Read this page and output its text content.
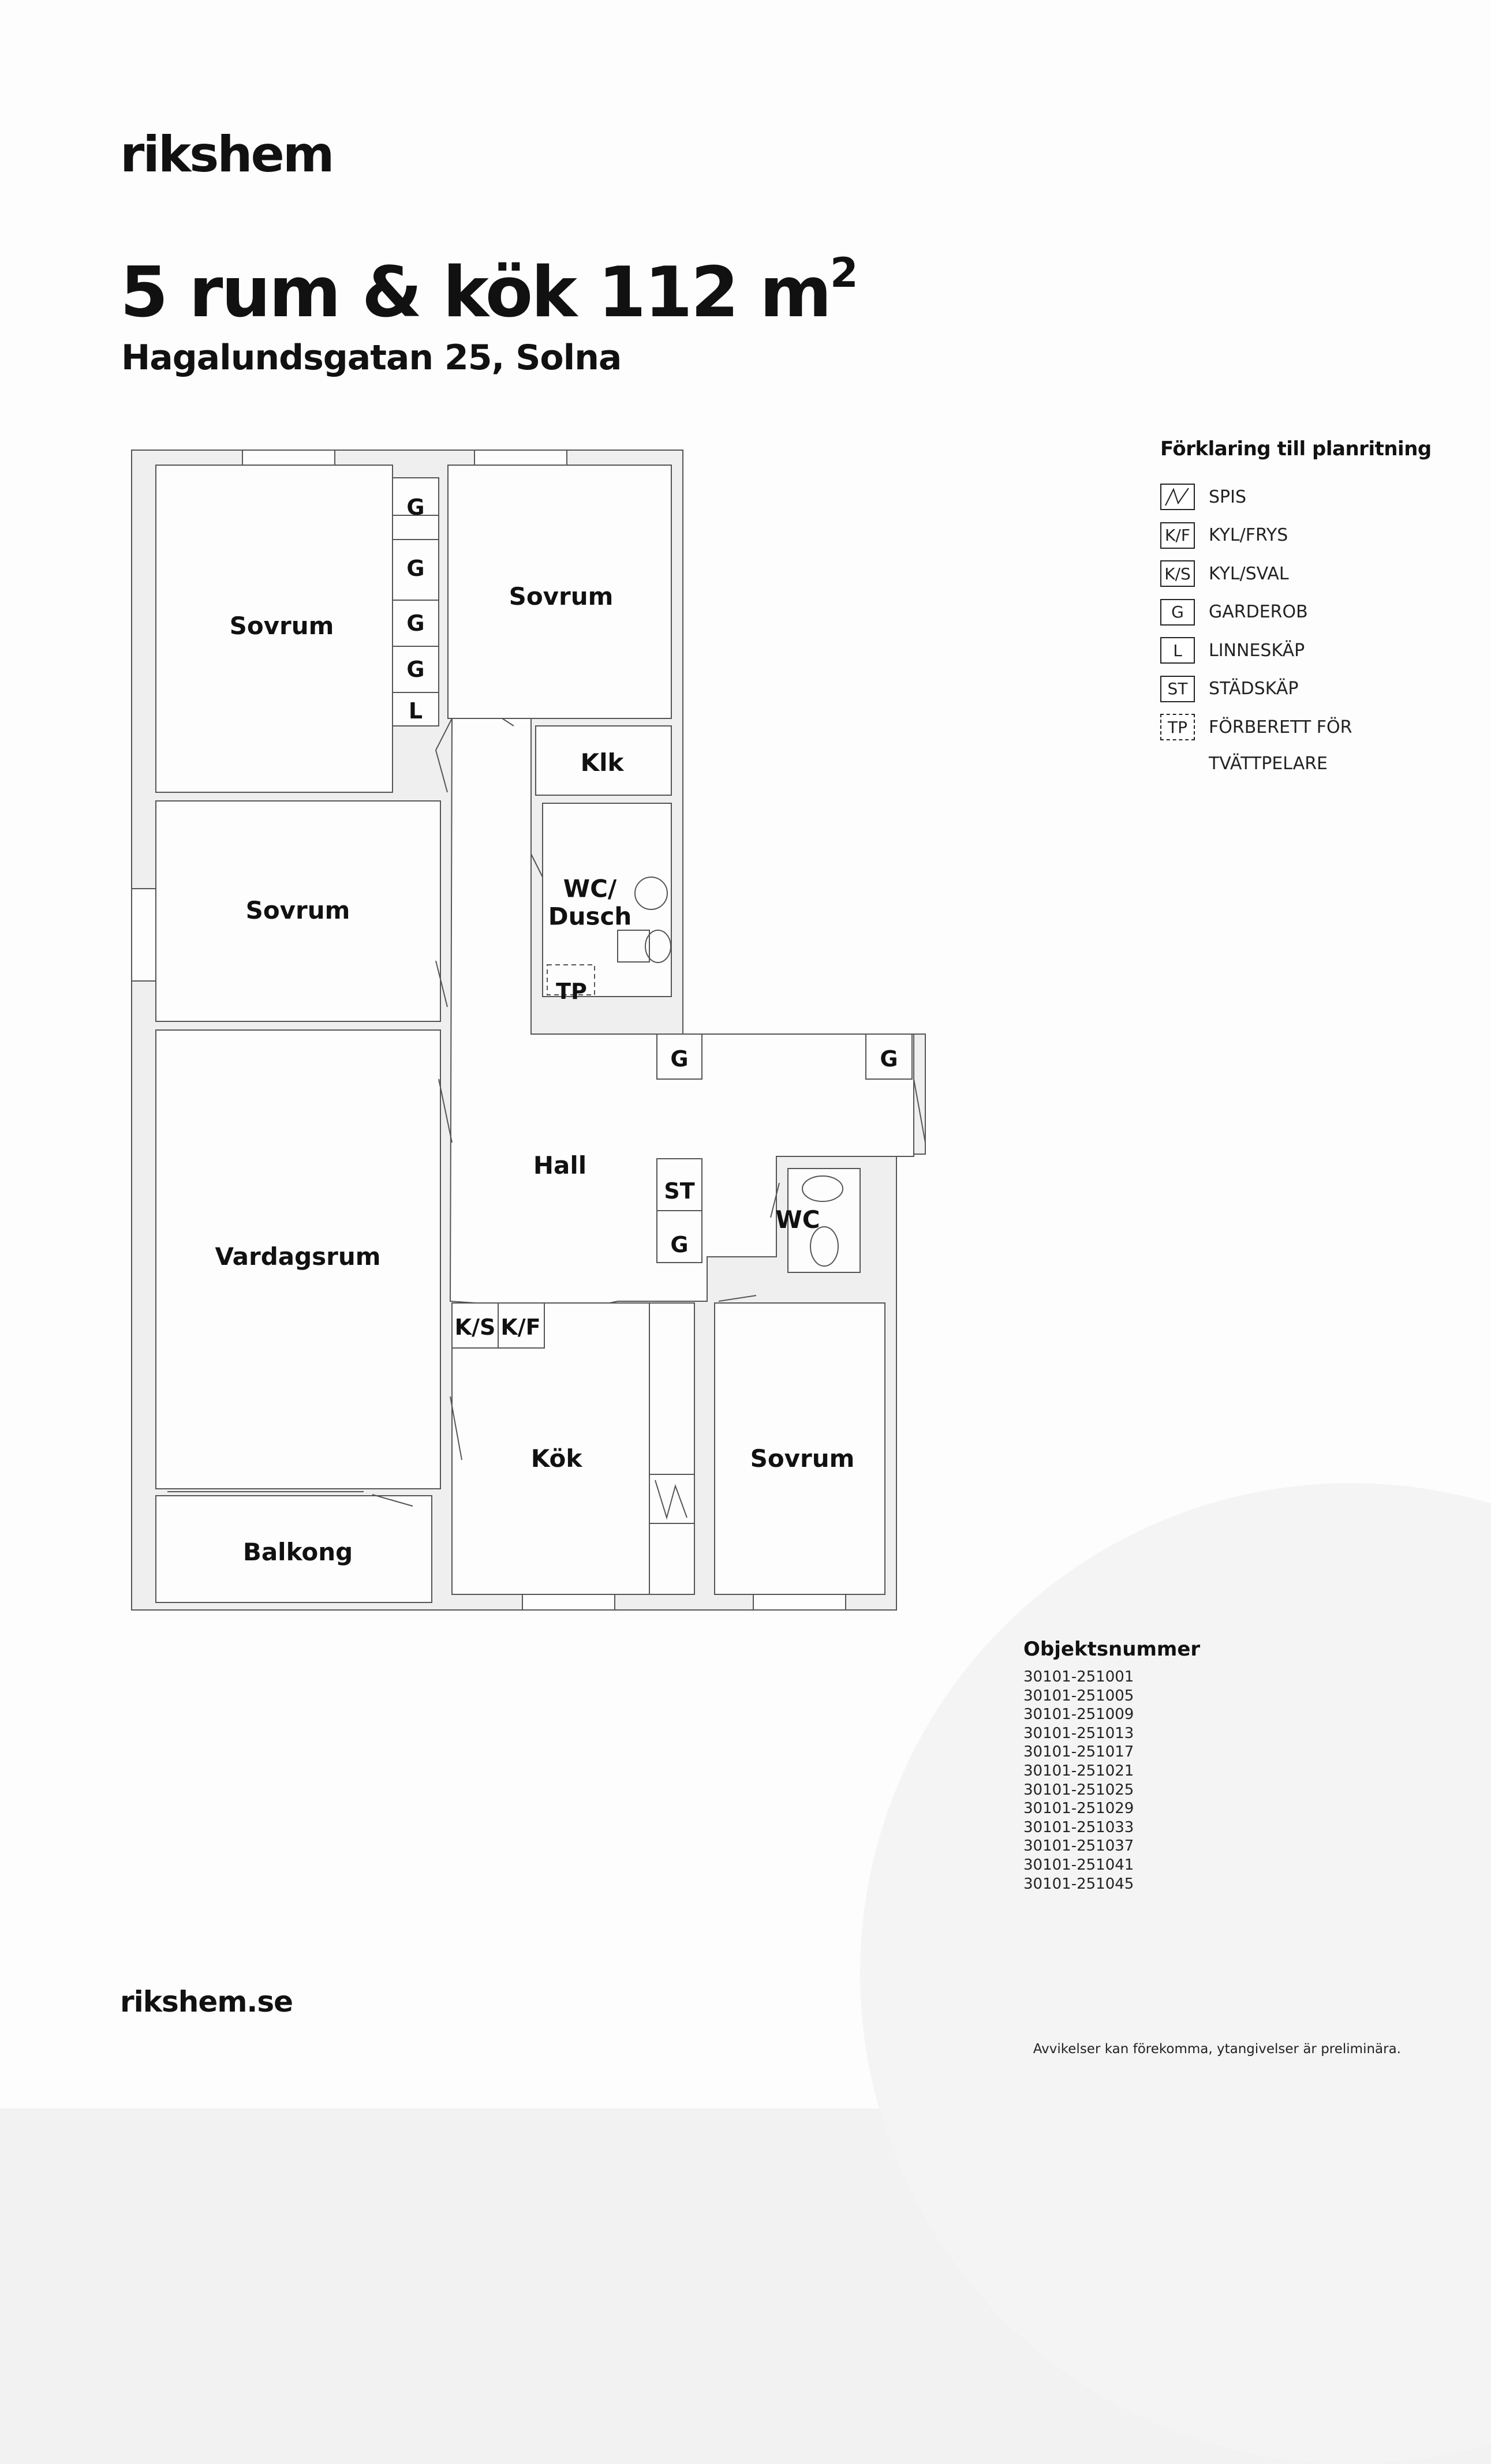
rikshem
5 rum & kök 112 $m^2$
Hagalundsgatan 25, Solna
Sovrum
Sovrum
Sovrum
Vardagsrum
Balkong
Klk
WC/
Dusch
Hall
WC
Kök	Sovrum
G
G
G
G
L
TP
G	G
ST
G
K/S K/F
Förklaring till planritning
SPIS
K/F KYL/FRYS
K/S KYL/SVAL
G	GARDEROB
L	LINNESKÄP
ST	STÄDSKÄP
TP	FÖRBERETT FÖR
TVÄTTPELARE
Objektsnummer
30101-251001
30101-251005
30101-251009
30101-251013
30101-251017
30101-251021
30101-251025
30101-251029
30101-251033
30101-251037
30101-251041
30101-251045
rikshem.se
Avvikelser kan förekomma, ytangivelser är preliminära.
